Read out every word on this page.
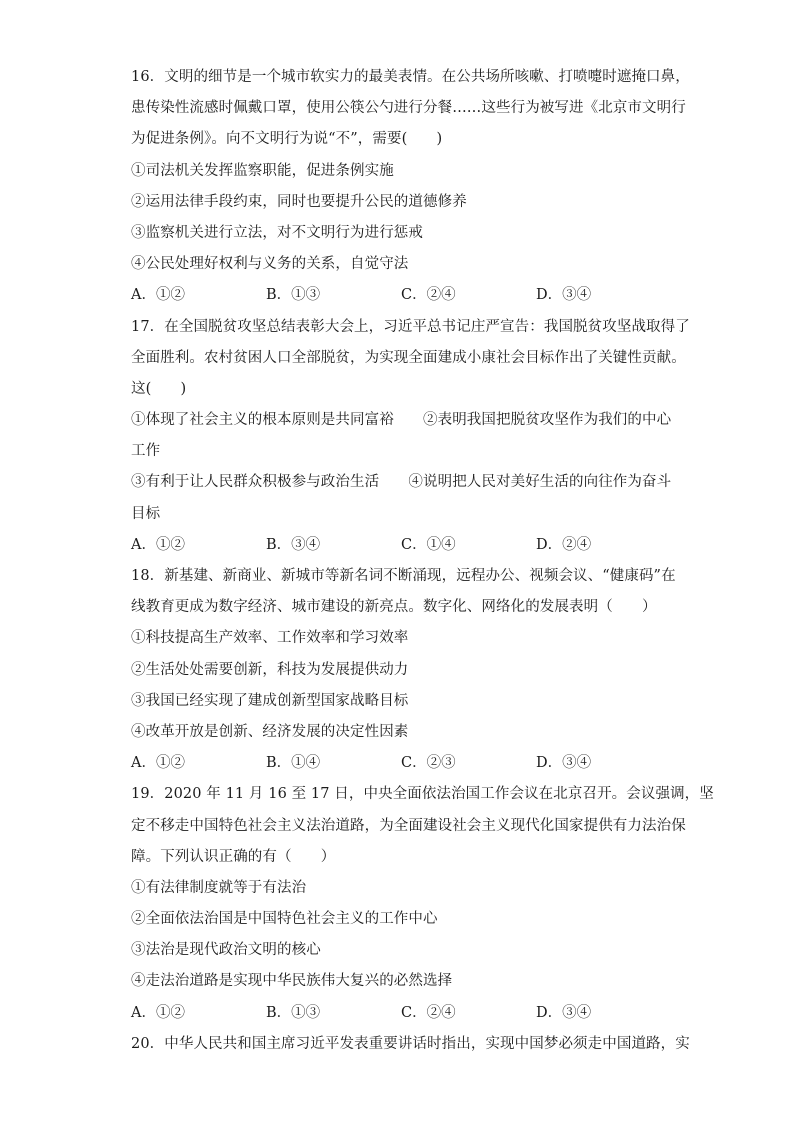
16．文明的细节是一个城市软实力的最美表情。在公共场所咳嗽、打喷嚏时遮掩口鼻，
患传染性流感时佩戴口罩，使用公筷公勺进行分餐……这些行为被写进《北京市文明行
为促进条例》。向不文明行为说“不”，需要(　　)
①司法机关发挥监察职能，促进条例实施
②运用法律手段约束，同时也要提升公民的道德修养
③监察机关进行立法，对不文明行为进行惩戒
④公民处理好权利与义务的关系，自觉守法
A．①②	B．①③	C．②④	D．③④
17．在全国脱贫攻坚总结表彰大会上，习近平总书记庄严宣告：我国脱贫攻坚战取得了
全面胜利。农村贫困人口全部脱贫，为实现全面建成小康社会目标作出了关键性贡献。
这(　　)
①体现了社会主义的根本原则是共同富裕　　②表明我国把脱贫攻坚作为我们的中心
工作
③有利于让人民群众积极参与政治生活　　④说明把人民对美好生活的向往作为奋斗
目标
A．①②	B．③④	C．①④	D．②④
18．新基建、新商业、新城市等新名词不断涌现，远程办公、视频会议、“健康码”在
线教育更成为数字经济、城市建设的新亮点。数字化、网络化的发展表明（　　）
①科技提高生产效率、工作效率和学习效率
②生活处处需要创新，科技为发展提供动力
③我国已经实现了建成创新型国家战略目标
④改革开放是创新、经济发展的决定性因素
A．①②	B．①④	C．②③	D．③④
19．2020 年 11 月 16 至 17 日，中央全面依法治国工作会议在北京召开。会议强调，坚
定不移走中国特色社会主义法治道路，为全面建设社会主义现代化国家提供有力法治保
障。下列认识正确的有（　　）
①有法律制度就等于有法治
②全面依法治国是中国特色社会主义的工作中心
③法治是现代政治文明的核心
④走法治道路是实现中华民族伟大复兴的必然选择
A．①②	B．①③	C．②④	D．③④
20．中华人民共和国主席习近平发表重要讲话时指出，实现中国梦必须走中国道路，实
